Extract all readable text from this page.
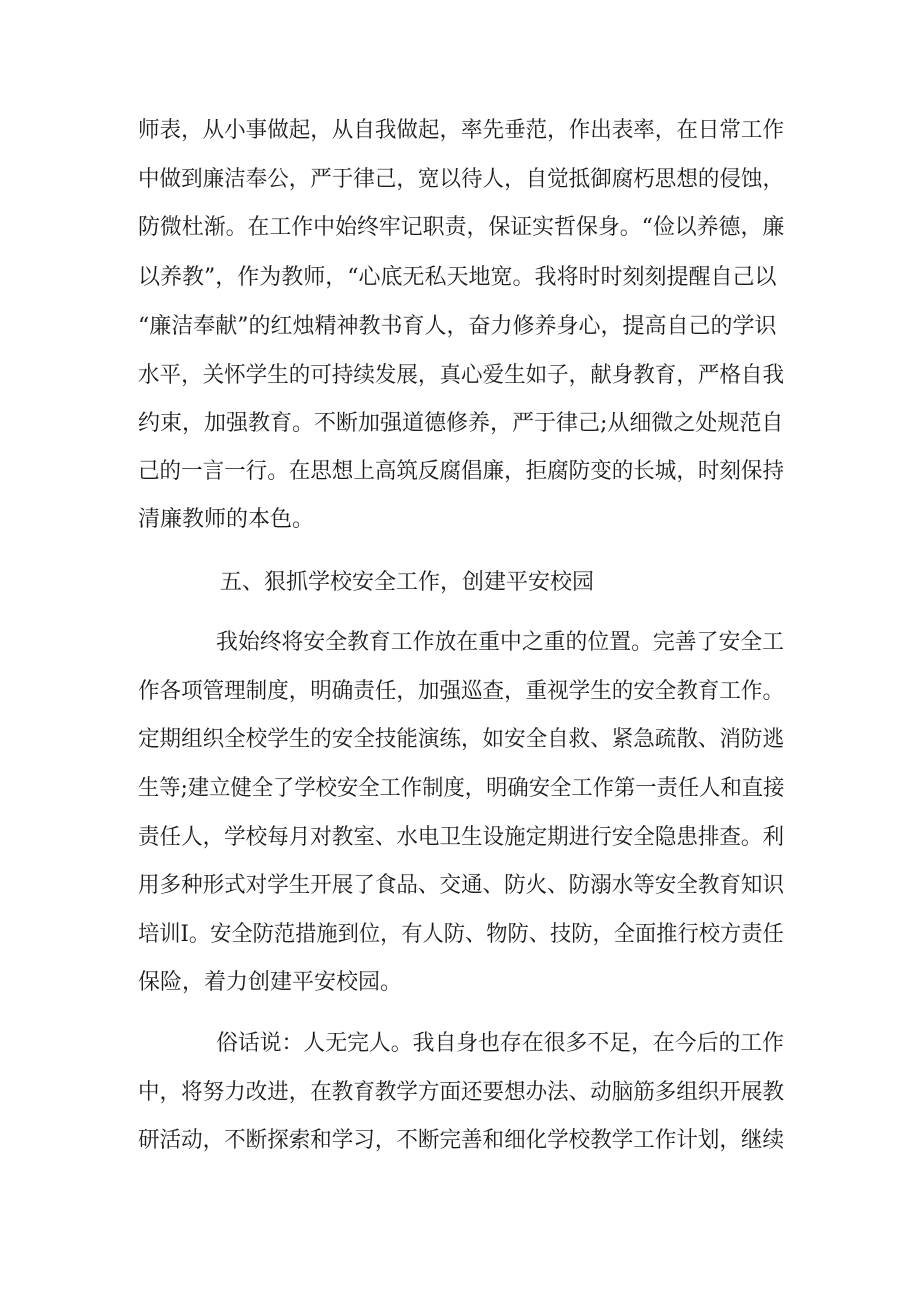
师表，从小事做起，从自我做起，率先垂范，作出表率，在日常工作
中做到廉洁奉公，严于律己，宽以待人，自觉抵御腐朽思想的侵蚀，
防微杜渐。在工作中始终牢记职责，保证实哲保身。“俭以养德，廉
以养教”，作为教师，“心底无私天地宽。我将时时刻刻提醒自己以
“廉洁奉献”的红烛精神教书育人，奋力修养身心，提高自己的学识
水平，关怀学生的可持续发展，真心爱生如子，献身教育，严格自我
约束，加强教育。不断加强道德修养，严于律己;从细微之处规范自
己的一言一行。在思想上高筑反腐倡廉，拒腐防变的长城，时刻保持
清廉教师的本色。
五、狠抓学校安全工作，创建平安校园
我始终将安全教育工作放在重中之重的位置。完善了安全工
作各项管理制度，明确责任，加强巡查，重视学生的安全教育工作。
定期组织全校学生的安全技能演练，如安全自救、紧急疏散、消防逃
生等;建立健全了学校安全工作制度，明确安全工作第一责任人和直接
责任人，学校每月对教室、水电卫生设施定期进行安全隐患排查。利
用多种形式对学生开展了食品、交通、防火、防溺水等安全教育知识
培训I。安全防范措施到位，有人防、物防、技防，全面推行校方责任
保险，着力创建平安校园。
俗话说：人无完人。我自身也存在很多不足，在今后的工作
中，将努力改进，在教育教学方面还要想办法、动脑筋多组织开展教
研活动，不断探索和学习，不断完善和细化学校教学工作计划，继续
